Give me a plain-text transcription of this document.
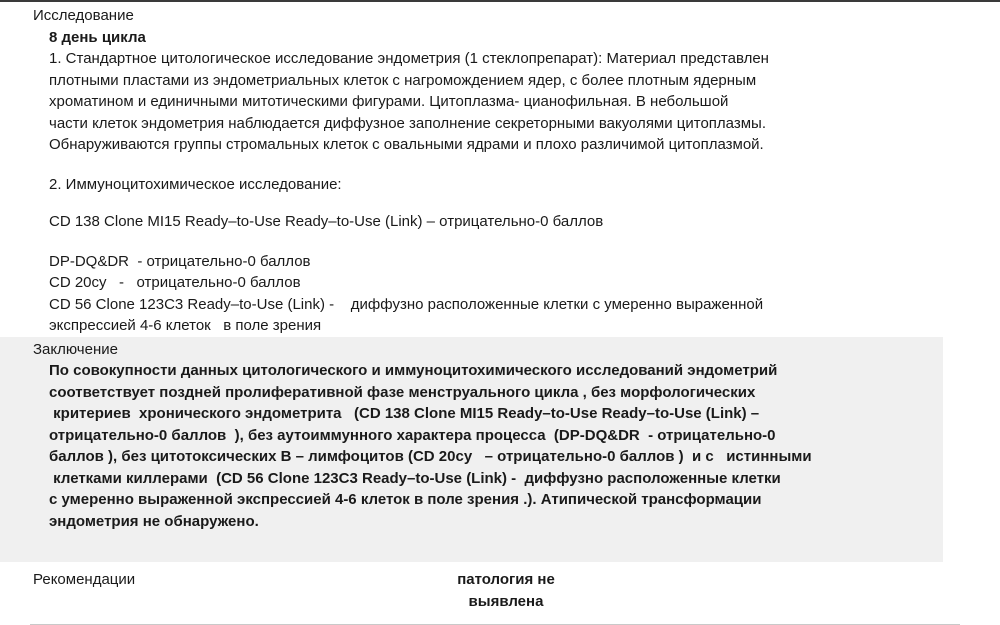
Исследование
8 день цикла
1. Стандартное цитологическое исследование эндометрия (1 стеклопрепарат): Материал представлен
плотными пластами из эндометриальных клеток с нагромождением ядер, с более плотным ядерным
хроматином и единичными митотическими фигурами. Цитоплазма- цианофильная. В небольшой
части клеток эндометрия наблюдается диффузное заполнение секреторными вакуолями цитоплазмы.
Обнаруживаются группы стромальных клеток с овальными ядрами и плохо различимой цитоплазмой.
2. Иммуноцитохимическое исследование:
CD 138 Clone MI15 Ready–to-Use Ready–to-Use (Link) – отрицательно-0 баллов
DP-DQ&DR  - отрицательно-0 баллов
CD 20cy   -   отрицательно-0 баллов
CD 56 Clone 123C3 Ready–to-Use (Link) -    диффузно расположенные клетки с умеренно выраженной
экспрессией 4-6 клеток   в поле зрения
Заключение
По совокупности данных цитологического и иммуноцитохимического исследований эндометрий
соответствует поздней пролиферативной фазе менструального цикла , без морфологических
критериев  хронического эндометрита   (CD 138 Clone MI15 Ready–to-Use Ready–to-Use (Link) –
отрицательно-0 баллов  ), без аутоиммунного характера процесса  (DP-DQ&DR  - отрицательно-0
баллов ), без цитотоксических В – лимфоцитов (CD 20cy   – отрицательно-0 баллов )  и с   истинными
клетками киллерами  (CD 56 Clone 123C3 Ready–to-Use (Link) -  диффузно расположенные клетки
с умеренно выраженной экспрессией 4-6 клеток в поле зрения .). Атипической трансформации
эндометрия не обнаружено.
Рекомендации	патология не выявлена
